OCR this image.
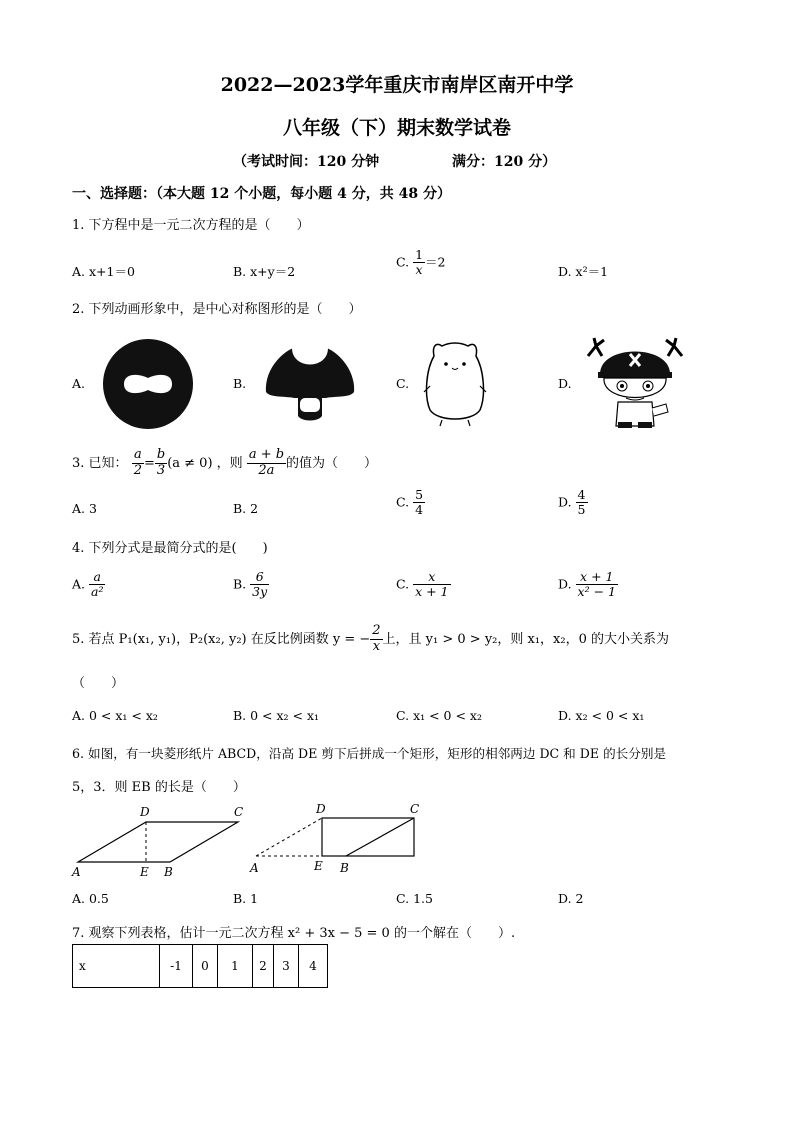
2022—2023学年重庆市南岸区南开中学
八年级（下）期末数学试卷
（考试时间：120 分钟	满分：120 分）
一、选择题：（本大题 12 个小题，每小题 4 分，共 48 分）
1. 下方程中是一元二次方程的是（　　）
A. x+1＝0	B. x+y＝2
C. $\frac{1}{x} =2$
D. x²＝1
2. 下列动画形象中，是中心对称图形的是（　　）
A.	B.	C.	D.
3. 已知： $\frac{a}{2} = \frac{b}{3} (a \ne 0)$ ，则 $\frac{a + b}{2a}$ 的值为（　　）
A. 3	B. 2	C. $\frac{5}{4}$	D. $\frac{4}{5}$
4. 下列分式是最简分式的是(　　)
A. $\frac{a}{\text{a²}}$	B. $\frac{6}{3y}$	C. $\frac{x}{x + 1}$	D. $\frac{x + 1}{\text{x² − 1}}$
5. 若点 P₁(x₁, y₁)，P₂(x₂, y₂) 在反比例函数 y = − $\frac{2}{x}$ 上，且 y₁ > 0 > y₂，则 x₁，x₂，0 的大小关系为
（　　）
A. 0 < x₁ < x₂	B. 0 < x₂ < x₁	C. x₁ < 0 < x₂	D. x₂ < 0 < x₁
6. 如图，有一块菱形纸片 ABCD，沿高 DE 剪下后拼成一个矩形，矩形的相邻两边 DC 和 DE 的长分别是
5，3．则 EB 的长是（　　）
A
D	C
E B	A
D	C
E B
A. 0.5	B. 1	C. 1.5	D. 2
7. 观察下列表格，估计一元二次方程 x² + 3x − 5 = 0 的一个解在（　　）.
x	-1	0	1	2	3	4
